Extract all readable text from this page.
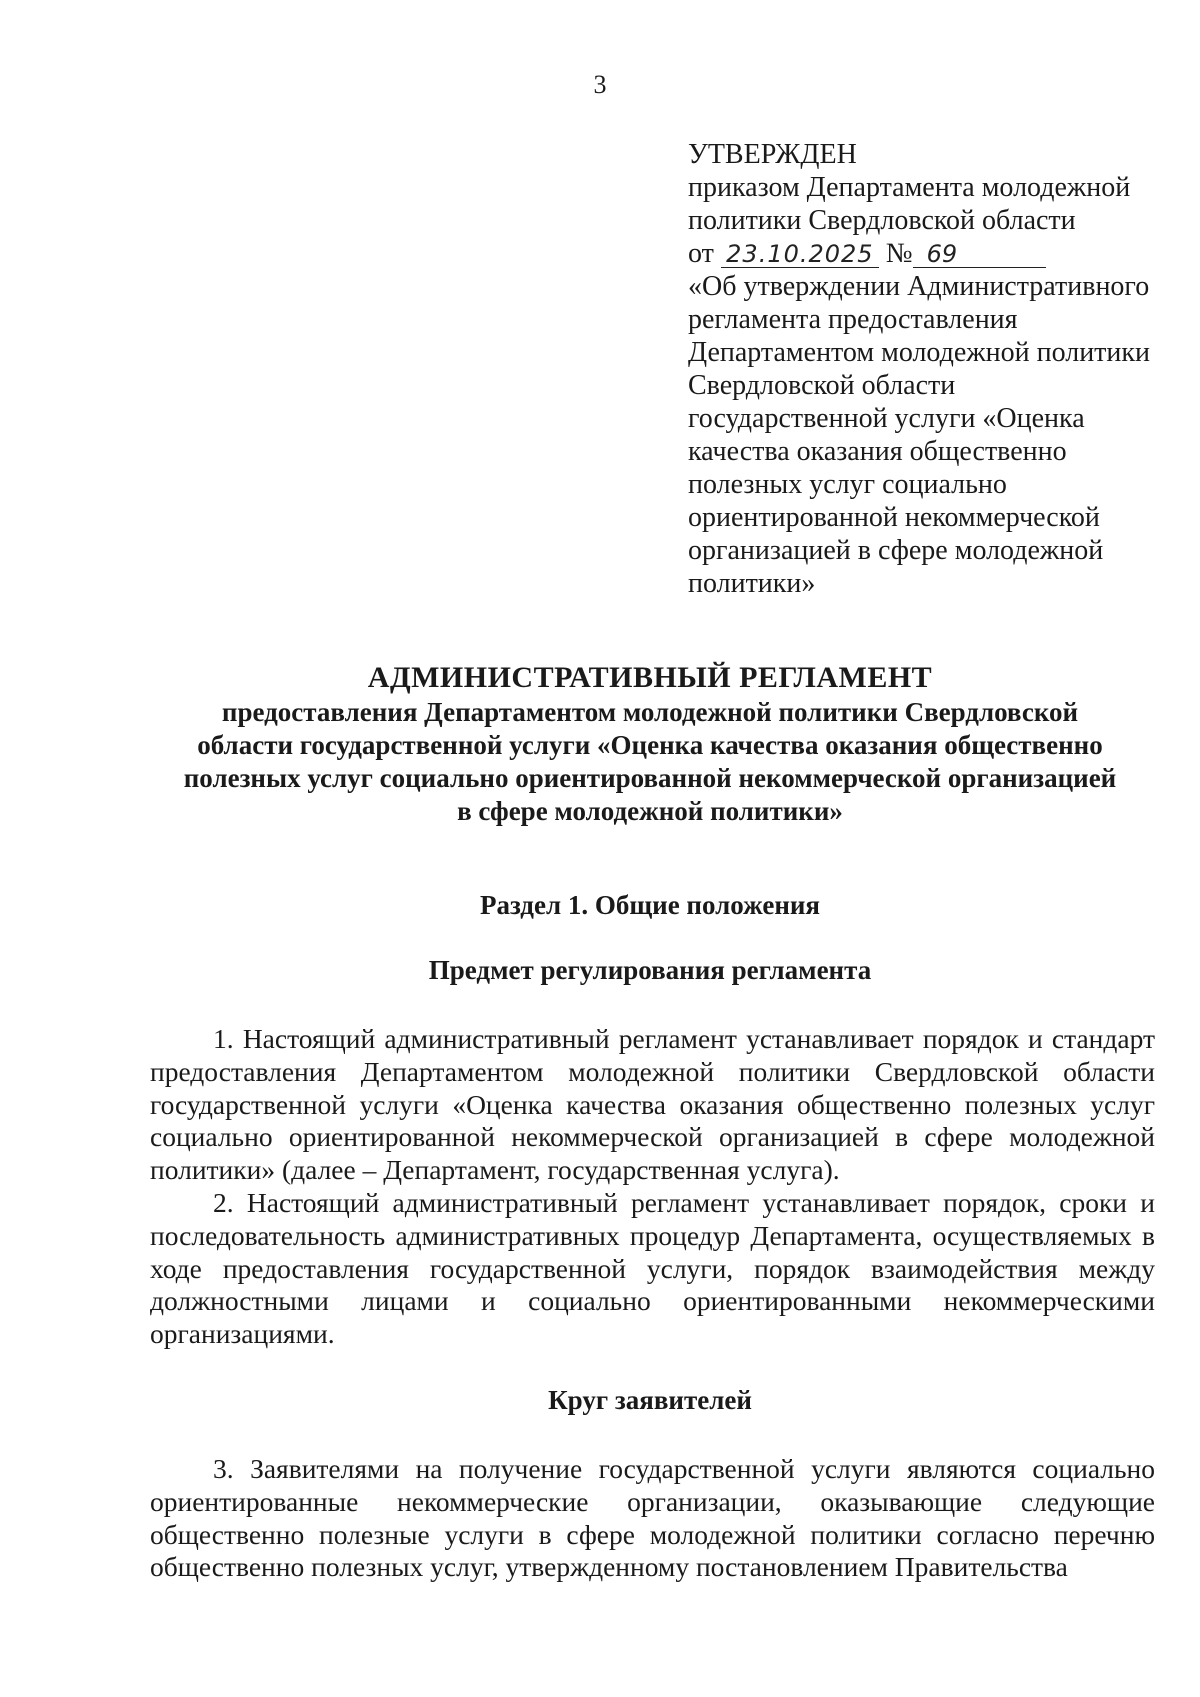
3
УТВЕРЖДЕН
приказом Департамента молодежной
политики Свердловской области
от 23.10.2025 № 69
«Об утверждении Административного
регламента предоставления
Департаментом молодежной политики
Свердловской области
государственной услуги «Оценка
качества оказания общественно
полезных услуг социально
ориентированной некоммерческой
организацией в сфере молодежной
политики»
АДМИНИСТРАТИВНЫЙ РЕГЛАМЕНТ
предоставления Департаментом молодежной политики Свердловской
области государственной услуги «Оценка качества оказания общественно
полезных услуг социально ориентированной некоммерческой организацией
в сфере молодежной политики»
Раздел 1. Общие положения
Предмет регулирования регламента

1. Настоящий административный регламент устанавливает порядок и стандарт предоставления Департаментом молодежной политики Свердловской области государственной услуги «Оценка качества оказания общественно полезных услуг социально ориентированной некоммерческой организацией в сфере молодежной политики» (далее – Департамент, государственная услуга).

2. Настоящий административный регламент устанавливает порядок, сроки и последовательность административных процедур Департамента, осуществляемых в ходе предоставления государственной услуги, порядок взаимодействия между должностными лицами и социально ориентированными некоммерческими организациями.

Круг заявителей

3. Заявителями на получение государственной услуги являются социально ориентированные некоммерческие организации, оказывающие следующие общественно полезные услуги в сфере молодежной политики согласно перечню общественно полезных услуг, утвержденному постановлением Правительства
